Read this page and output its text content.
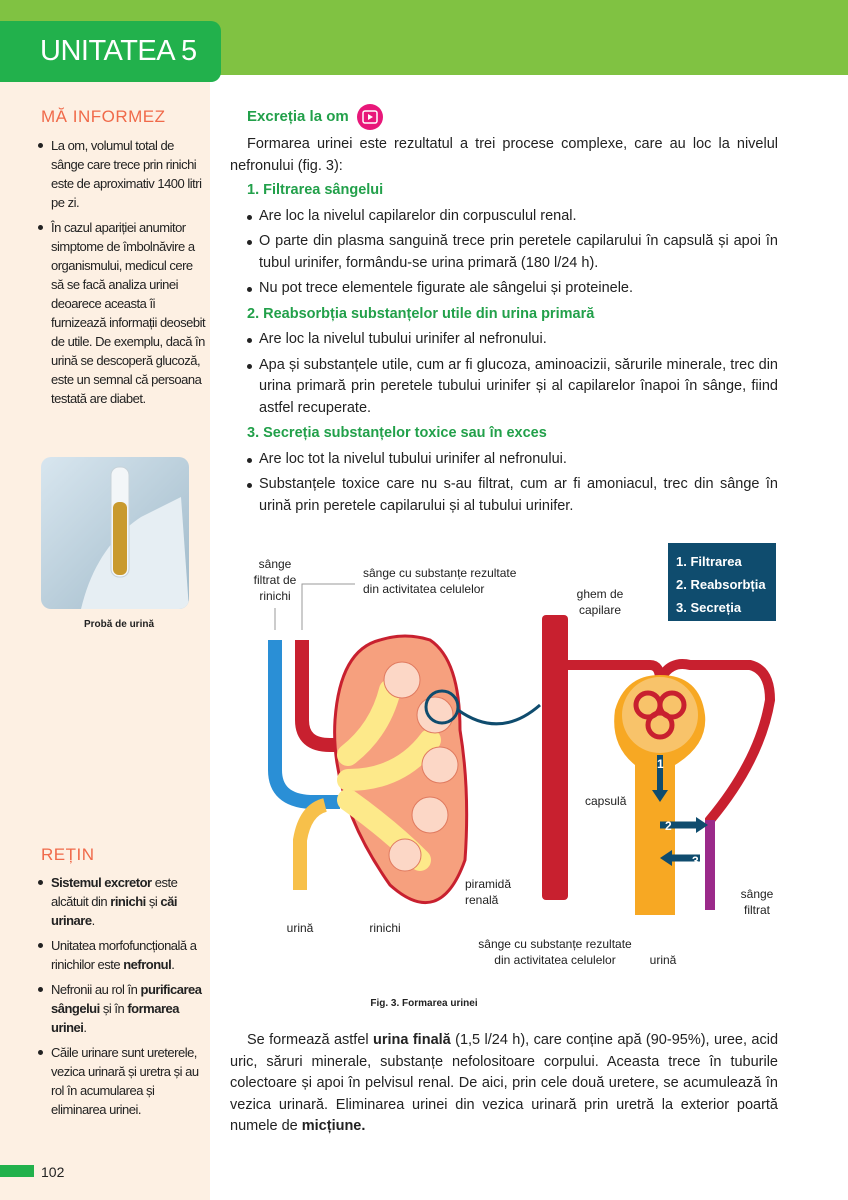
UNITATEA 5
MĂ INFORMEZ
La om, volumul total de sânge care trece prin rinichi este de aproximativ 1400 litri pe zi.
În cazul apariției anumitor simptome de îmbolnăvire a organismului, medicul cere să se facă analiza urinei deoarece aceasta îi furnizează informații deosebit de utile. De exemplu, dacă în urină se descoperă glucoză, este un semnal că persoana testată are diabet.
Probă de urină
REȚIN
Sistemul excretor este alcătuit din rinichi și căi urinare.
Unitatea morfofuncțională a rinichilor este nefronul.
Nefronii au rol în purificarea sângelui și în formarea urinei.
Căile urinare sunt ureterele, vezica urinară și uretra și au rol în acumularea și eliminarea urinei.
102
Excreția la om

Formarea urinei este rezultatul a trei procese complexe, care au loc la nivelul nefronului (fig. 3):

1. Filtrarea sângelui
Are loc la nivelul capilarelor din corpusculul renal.
O parte din plasma sanguină trece prin peretele capilarului în capsulă și apoi în tubul urinifer, formându-se urina primară (180 l/24 h).
Nu pot trece elementele figurate ale sângelui și proteinele.
2. Reabsorbția substanțelor utile din urina primară
Are loc la nivelul tubului urinifer al nefronului.
Apa și substanțele utile, cum ar fi glucoza, aminoacizii, sărurile minerale, trec din urina primară prin peretele tubului urinifer și al capilarelor înapoi în sânge, fiind astfel recuperate.
3. Secreția substanțelor toxice sau în exces
Are loc tot la nivelul tubului urinifer al nefronului.
Substanțele toxice care nu s-au filtrat, cum ar fi amoniacul, trec din sânge în urină prin peretele capilarului și al tubului urinifer.
1
2
3
1. Filtrarea
2. Reabsorbția
3. Secreția
sânge
filtrat de
rinichi	ghem de
capilare
urină	rinichi
sânge cu substanțe rezultate
din activitatea celulelor	urină
sânge
filtrat
sânge cu substanțe rezultate
din activitatea celulelor
capsulă
piramidă
renală
Fig. 3. Formarea urinei

Se formează astfel urina finală (1,5 l/24 h), care conține apă (90-95%), uree, acid uric, săruri minerale, substanțe nefolositoare corpului. Aceasta trece în tuburile colectoare și apoi în pelvisul renal. De aici, prin cele două uretere, se acumulează în vezica urinară. Eliminarea urinei din vezica urinară prin uretră la exterior poartă numele de micțiune.
